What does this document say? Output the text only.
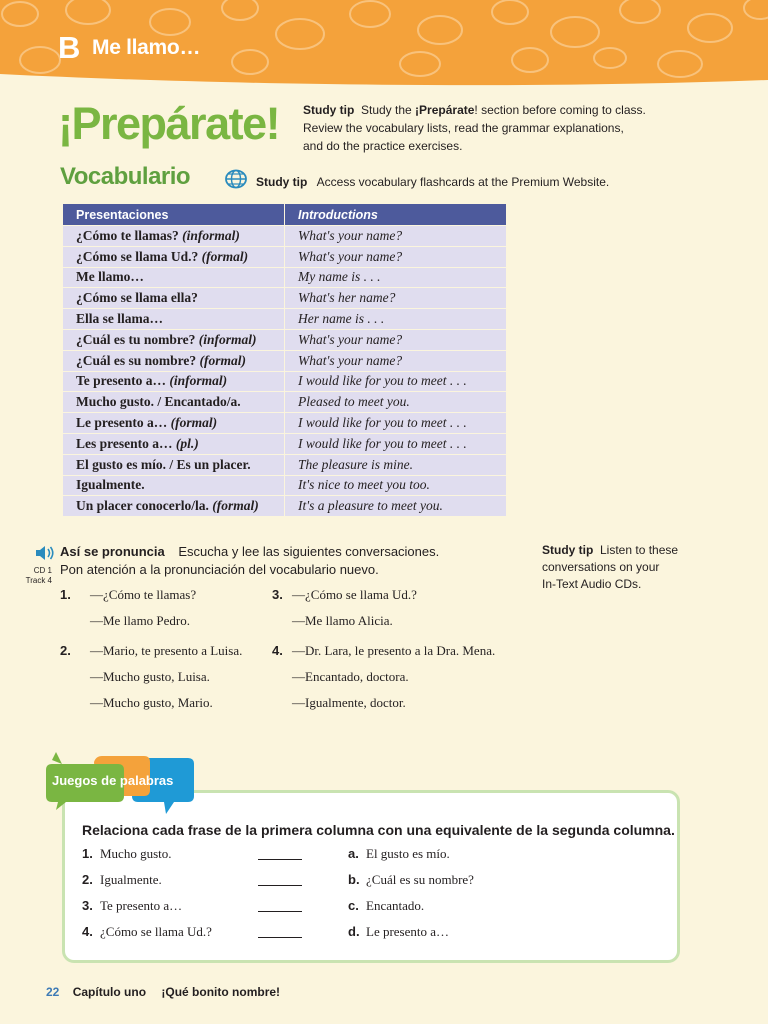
B Me llamo…
¡Prepárate! Study tip Study the ¡Prepárate! section before coming to class.
Review the vocabulary lists, read the grammar explanations,
and do the practice exercises.
Vocabulario	Study tip Access vocabulary flashcards at the Premium Website.
Presentaciones	Introductions
¿Cómo te llamas? (informal)	What's your name?
¿Cómo se llama Ud.? (formal)	What's your name?
Me llamo…	My name is . . .
¿Cómo se llama ella?	What's her name?
Ella se llama…	Her name is . . .
¿Cuál es tu nombre? (informal)	What's your name?
¿Cuál es su nombre? (formal)	What's your name?
Te presento a… (informal)	I would like for you to meet . . .
Mucho gusto. / Encantado/a.	Pleased to meet you.
Le presento a… (formal)	I would like for you to meet . . .
Les presento a… (pl.)	I would like for you to meet . . .
El gusto es mío. / Es un placer.	The pleasure is mine.
Igualmente.	It's nice to meet you too.
Un placer conocerlo/la. (formal)	It's a pleasure to meet you.
CD 1
Track 4
Así se pronuncia Escucha y lee las siguientes conversaciones.
Pon atención a la pronunciación del vocabulario nuevo.
Study tip Listen to these
conversations on your
In-Text Audio CDs.
1. —¿Cómo te llamas?
—Me llamo Pedro.
2. —Mario, te presento a Luisa.
—Mucho gusto, Luisa.
—Mucho gusto, Mario.
3. —¿Cómo se llama Ud.?
—Me llamo Alicia.
4. —Dr. Lara, le presento a la Dra. Mena.
—Encantado, doctora.
—Igualmente, doctor.
Juegos de palabras
Relaciona cada frase de la primera columna con una equivalente de la segunda columna.
1. Mucho gusto.	a. El gusto es mío.
2. Igualmente.	b. ¿Cuál es su nombre?
3. Te presento a…	c. Encantado.
4. ¿Cómo se llama Ud.?	d. Le presento a…
22 Capítulo uno ¡Qué bonito nombre!
